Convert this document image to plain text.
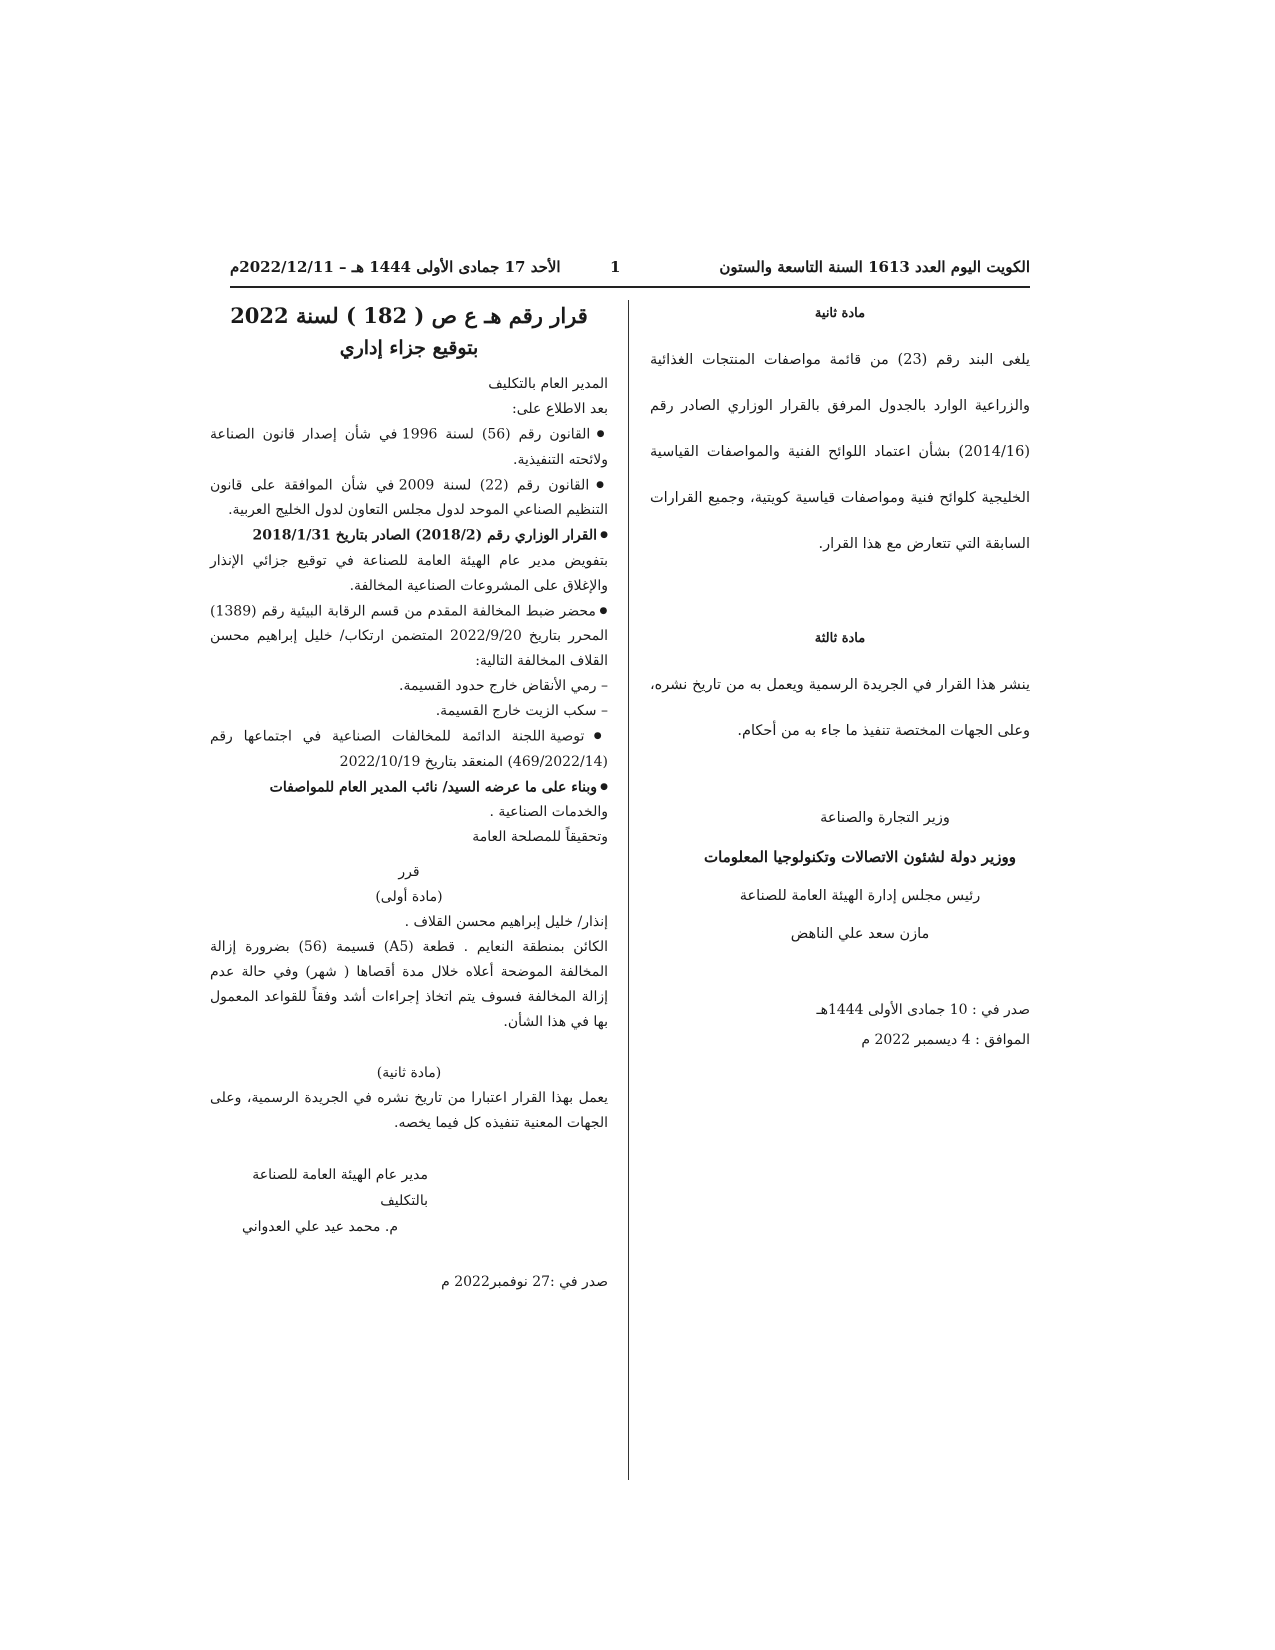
الكويت اليوم العدد 1613 السنة التاسعة والستون
1
الأحد 17 جمادى الأولى 1444 هـ – 2022/12/11م
مادة ثانية
يلغى البند رقم (23) من قائمة مواصفات المنتجات الغذائية والزراعية الوارد بالجدول المرفق بالقرار الوزاري الصادر رقم (2014/16) بشأن اعتماد اللوائح الفنية والمواصفات القياسية الخليجية كلوائح فنية ومواصفات قياسية كويتية، وجميع القرارات السابقة التي تتعارض مع هذا القرار.
مادة ثالثة
ينشر هذا القرار في الجريدة الرسمية ويعمل به من تاريخ نشره، وعلى الجهات المختصة تنفيذ ما جاء به من أحكام.
وزير التجارة والصناعة
ووزير دولة لشئون الاتصالات وتكنولوجيا المعلومات
رئيس مجلس إدارة الهيئة العامة للصناعة
مازن سعد علي الناهض
صدر في : 10 جمادى الأولى 1444هـ
الموافق : 4 ديسمبر 2022 م
قرار رقم هـ ع ص ( 182 ) لسنة 2022
بتوقيع جزاء إداري
المدير العام بالتكليف
بعد الاطلاع على:
● القانون رقم (56) لسنة 1996 في شأن إصدار قانون الصناعة ولائحته التنفيذية.
● القانون رقم (22) لسنة 2009 في شأن الموافقة على قانون التنظيم الصناعي الموحد لدول مجلس التعاون لدول الخليج العربية.
● القرار الوزاري رقم (2018/2) الصادر بتاريخ 2018/1/31
بتفويض مدير عام الهيئة العامة للصناعة في توقيع جزائي الإنذار والإغلاق على المشروعات الصناعية المخالفة.
● محضر ضبط المخالفة المقدم من قسم الرقابة البيئية رقم (1389) المحرر بتاريخ 2022/9/20 المتضمن ارتكاب/ خليل إبراهيم محسن القلاف المخالفة التالية:
– رمي الأنقاض خارج حدود القسيمة.
– سكب الزيت خارج القسيمة.
● توصية اللجنة الدائمة للمخالفات الصناعية في اجتماعها رقم (469/2022/14) المنعقد بتاريخ 2022/10/19
● وبناء على ما عرضه السيد/ نائب المدير العام للمواصفات
والخدمات الصناعية .
وتحقيقاً للمصلحة العامة
قرر
(مادة أولى)
إنذار/ خليل إبراهيم محسن القلاف .
الكائن بمنطقة النعايم . قطعة (A5) قسيمة (56) بضرورة إزالة المخالفة الموضحة أعلاه خلال مدة أقصاها ( شهر) وفي حالة عدم إزالة المخالفة فسوف يتم اتخاذ إجراءات أشد وفقاً للقواعد المعمول بها في هذا الشأن.
(مادة ثانية)
يعمل بهذا القرار اعتبارا من تاريخ نشره في الجريدة الرسمية، وعلى الجهات المعنية تنفيذه كل فيما يخصه.
مدير عام الهيئة العامة للصناعة بالتكليف
م. محمد عيد علي العدواني
صدر في :27 نوفمبر2022 م
